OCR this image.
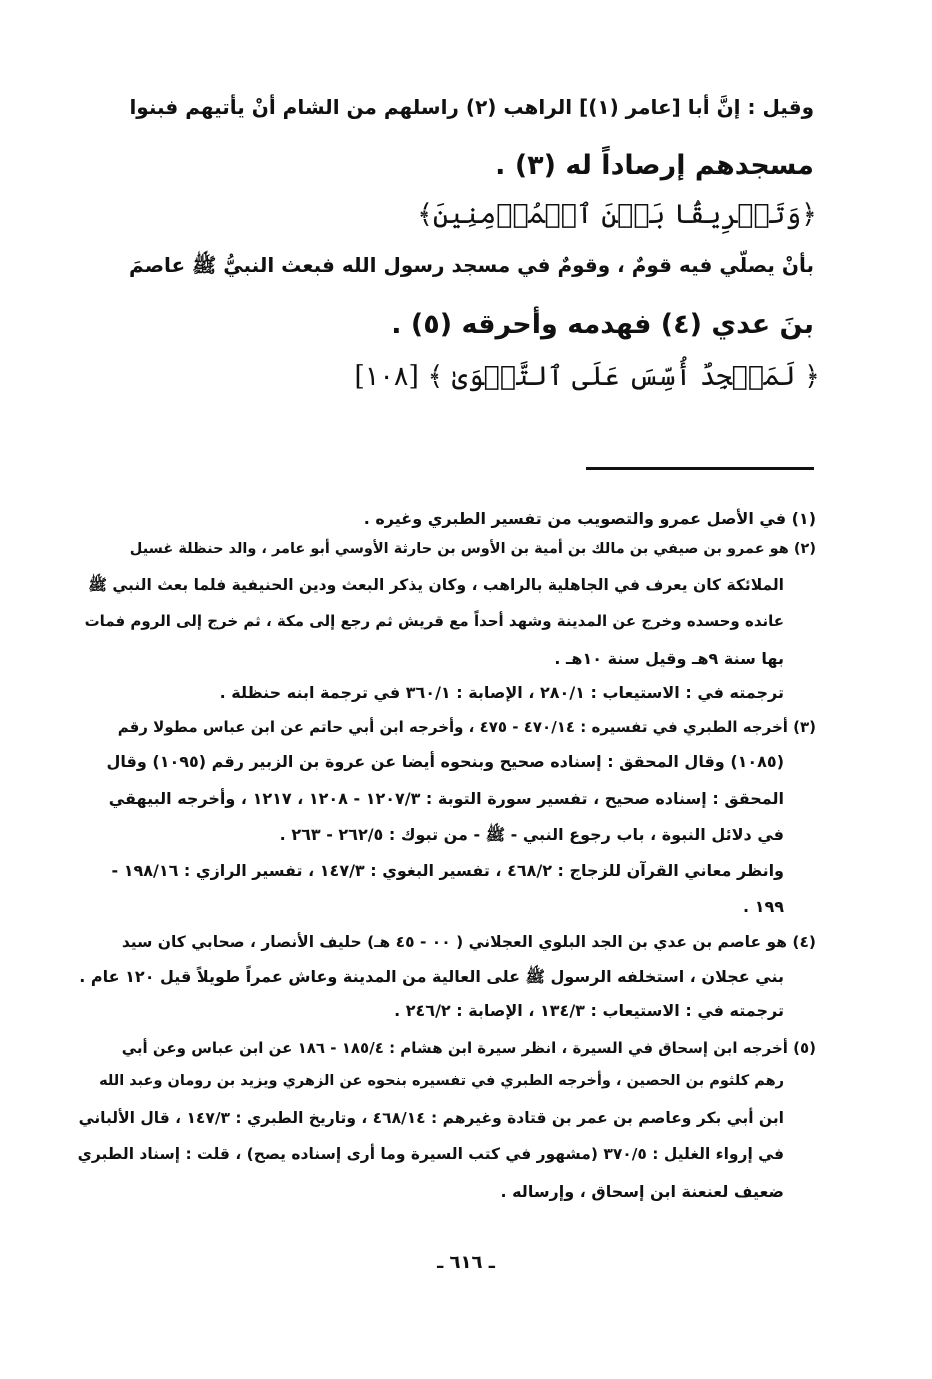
وقيل : إنَّ أبا [عامر (١)] الراهب (٢) راسلهم من الشام أنْ يأتيهم فبنوا
مسجدهم إرصاداً له (٣) .
﴿وَتَفۡرِيقَۢا بَيۡنَ ٱلۡمُؤۡمِنِينَ﴾
بأنْ يصلّي فيه قومٌ ، وقومٌ في مسجد رسول الله فبعث النبيُّ ﷺ عاصمَ
بنَ عدي (٤) فهدمه وأحرقه (٥) .
﴿ لَمَسۡجِدٌ أُسِّسَ عَلَى ٱلتَّقۡوَىٰ ﴾ [١٠٨]
(١) في الأصل عمرو والتصويب من تفسير الطبري وغيره .
(٢) هو عمرو بن صيفي بن مالك بن أمية بن الأوس بن حارثة الأوسي أبو عامر ، والد حنظلة غسيل
الملائكة كان يعرف في الجاهلية بالراهب ، وكان يذكر البعث ودين الحنيفية فلما بعث النبي ﷺ
عانده وحسده وخرج عن المدينة وشهد أحداً مع قريش ثم رجع إلى مكة ، ثم خرج إلى الروم فمات
بها سنة ٩هـ وقيل سنة ١٠هـ .
ترجمته في : الاستيعاب : ٢٨٠/١ ، الإصابة : ٣٦٠/١ في ترجمة ابنه حنظلة .
(٣) أخرجه الطبري في تفسيره : ٤٧٠/١٤ - ٤٧٥ ، وأخرجه ابن أبي حاتم عن ابن عباس مطولا رقم
(١٠٨٥) وقال المحقق : إسناده صحيح وبنحوه أيضا عن عروة بن الزبير رقم (١٠٩٥) وقال
المحقق : إسناده صحيح ، تفسير سورة التوبة : ١٢٠٧/٣ - ١٢٠٨ ، ١٢١٧ ، وأخرجه البيهقي
في دلائل النبوة ، باب رجوع النبي - ﷺ - من تبوك : ٢٦٢/٥ - ٢٦٣ .
وانظر معاني القرآن للزجاج : ٤٦٨/٢ ، تفسير البغوي : ١٤٧/٣ ، تفسير الرازي : ١٩٨/١٦ -
١٩٩ .
(٤) هو عاصم بن عدي بن الجد البلوي العجلاني ( ٠٠ - ٤٥ هـ) حليف الأنصار ، صحابي كان سيد
بني عجلان ، استخلفه الرسول ﷺ على العالية من المدينة وعاش عمراً طويلاً قيل ١٢٠ عام .
ترجمته في : الاستيعاب : ١٣٤/٣ ، الإصابة : ٢٤٦/٢ .
(٥) أخرجه ابن إسحاق في السيرة ، انظر سيرة ابن هشام : ١٨٥/٤ - ١٨٦ عن ابن عباس وعن أبي
رهم كلثوم بن الحصين ، وأخرجه الطبري في تفسيره بنحوه عن الزهري ويزيد بن رومان وعبد الله
ابن أبي بكر وعاصم بن عمر بن قتادة وغيرهم : ٤٦٨/١٤ ، وتاريخ الطبري : ١٤٧/٣ ، قال الألباني
في إرواء الغليل : ٣٧٠/٥ (مشهور في كتب السيرة وما أرى إسناده يصح) ، قلت : إسناد الطبري
ضعيف لعنعنة ابن إسحاق ، وإرساله .
ـ ٦١٦ ـ
